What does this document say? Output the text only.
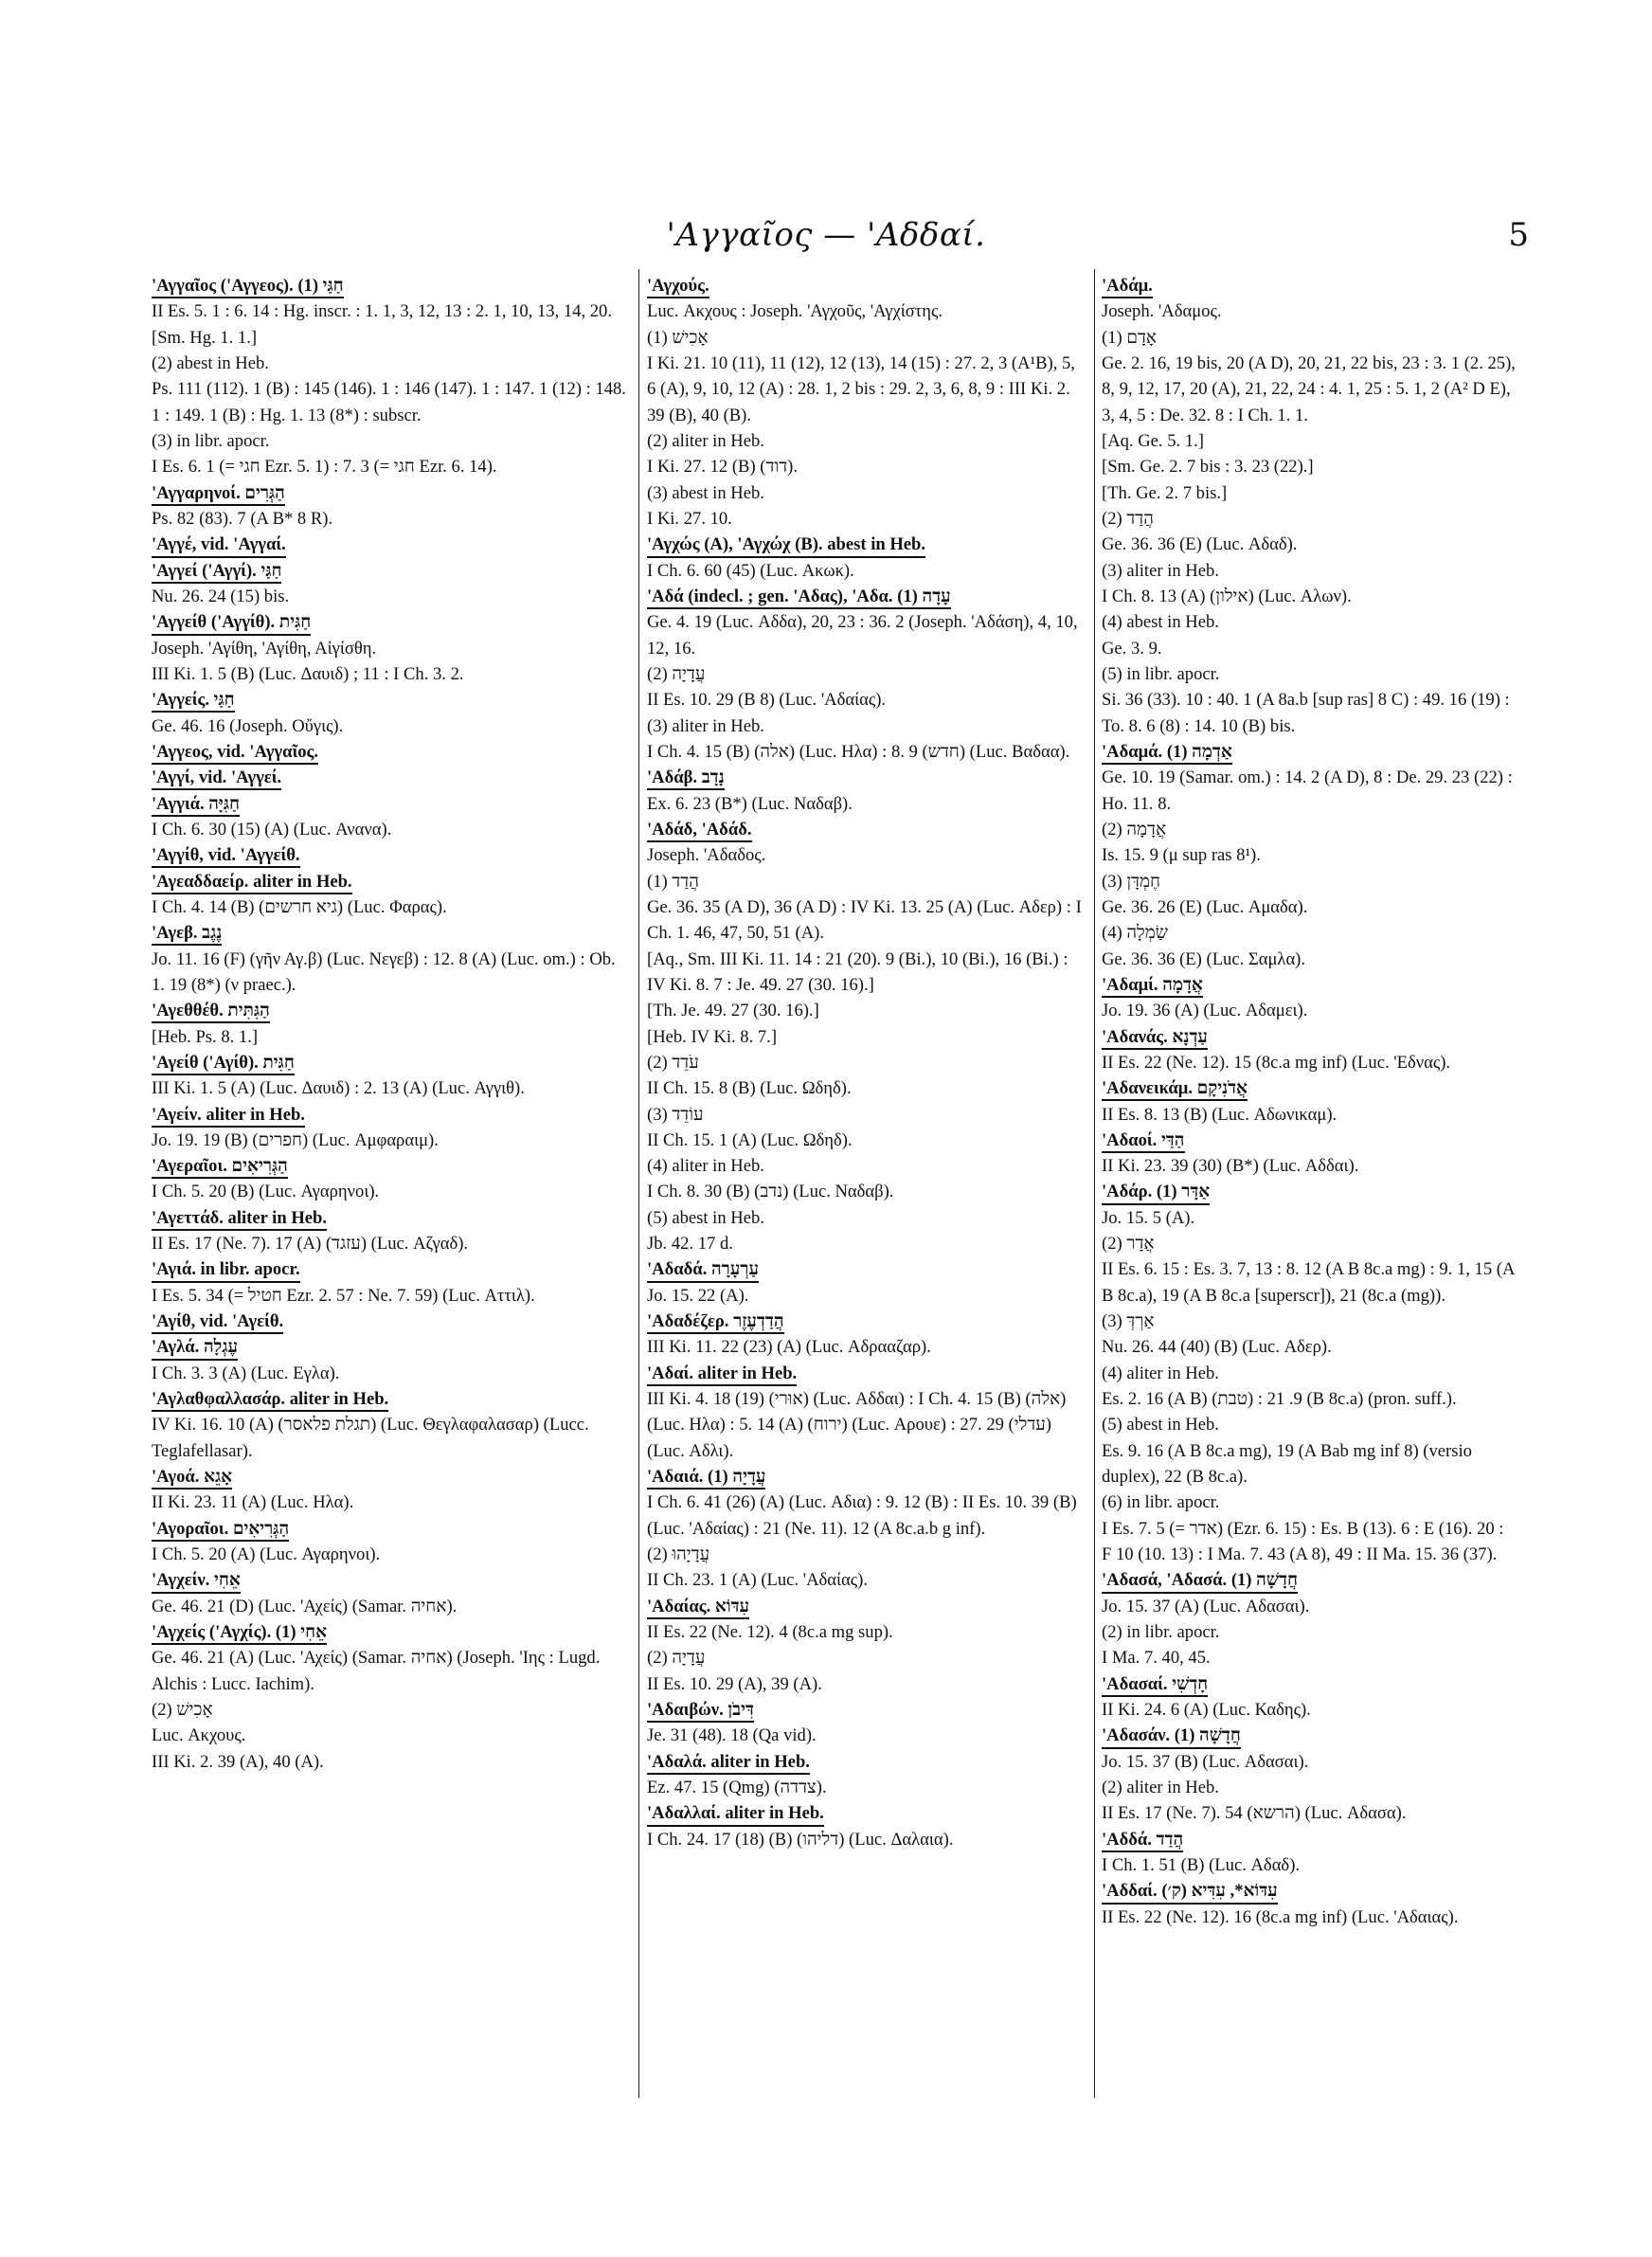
'Αγγαῖος — 'Αδδαί.	5

'Αγγαῖος ('Αγγεος). (1) חַגַּי

II Es. 5. 1 : 6. 14 : Hg. inscr. : 1. 1, 3, 12, 13 : 2. 1, 10, 13, 14, 20.

[Sm. Hg. 1. 1.]

(2) abest in Heb.

Ps. 111 (112). 1 (B) : 145 (146). 1 : 146 (147). 1 : 147. 1 (12) : 148. 1 : 149. 1 (B) : Hg. 1. 13 (8*) : subscr.

(3) in libr. apocr.

I Es. 6. 1 (= חגי Ezr. 5. 1) : 7. 3 (= חגי Ezr. 6. 14).

'Αγγαρηνοί. הַגְּרִים

Ps. 82 (83). 7 (A B* 8 R).

'Αγγέ, vid. 'Αγγαί.

'Αγγεί ('Αγγί). חַגַּי

Nu. 26. 24 (15) bis.

'Αγγείθ ('Αγγίθ). חַגִּית

Joseph. 'Αγίθη, 'Αγίθη, Αἰγίσθη.

III Ki. 1. 5 (B) (Luc. Δαυιδ) ; 11 : I Ch. 3. 2.

'Αγγείς. חַגַּי

Ge. 46. 16 (Joseph. Οὔγις).

'Αγγεος, vid. 'Αγγαῖος.

'Αγγί, vid. 'Αγγεί.

'Αγγιά. חַגִּיָּה

I Ch. 6. 30 (15) (A) (Luc. Ανανα).

'Αγγίθ, vid. 'Αγγείθ.

'Αγεαδδαείρ. aliter in Heb.

I Ch. 4. 14 (B) (גיא חרשים) (Luc. Φαρας).

'Αγεβ. נֶגֶב

Jo. 11. 16 (F) (γῆν Αγ.β) (Luc. Νεγεβ) : 12. 8 (A) (Luc. om.) : Ob. 1. 19 (8*) (ν praec.).

'Αγεθθέθ. הַגִּתִּית

[Heb. Ps. 8. 1.]

'Αγείθ ('Αγίθ). חַגִּית

III Ki. 1. 5 (A) (Luc. Δαυιδ) : 2. 13 (A) (Luc. Αγγιθ).

'Αγείν. aliter in Heb.

Jo. 19. 19 (B) (חפרים) (Luc. Αμφαραιμ).

'Αγεραῖοι. הַגְּרִיאִים

I Ch. 5. 20 (B) (Luc. Αγαρηνοι).

'Αγεττάδ. aliter in Heb.

II Es. 17 (Ne. 7). 17 (A) (עזגד) (Luc. Αζγαδ).

'Αγιά. in libr. apocr.

I Es. 5. 34 (= חטיל Ezr. 2. 57 : Ne. 7. 59) (Luc. Αττιλ).

'Αγίθ, vid. 'Αγείθ.

'Αγλά. עֶגְלָה

I Ch. 3. 3 (A) (Luc. Εγλα).

'Αγλαθφαλλασάρ. aliter in Heb.

IV Ki. 16. 10 (A) (תגלת פלאסר) (Luc. Θεγλαφαλασαρ) (Lucc. Teglafellasar).

'Αγοά. אָגֵא

II Ki. 23. 11 (A) (Luc. Ηλα).

'Αγοραῖοι. הַגְּרִיאִים

I Ch. 5. 20 (A) (Luc. Αγαρηνοι).

'Αγχείν. אֵחִי

Ge. 46. 21 (D) (Luc. 'Αχείς) (Samar. אחיה).

'Αγχείς ('Αγχίς). (1) אֵחִי

Ge. 46. 21 (A) (Luc. 'Αχείς) (Samar. אחיה) (Joseph. 'Ιης : Lugd. Alchis : Lucc. Iachim).

(2) אָכִישׁ

Luc. Ακχους.

III Ki. 2. 39 (A), 40 (A).

'Αγχούς.

Luc. Ακχους : Joseph. 'Αγχοῦς, 'Αγχίστης.

(1) אָכִישׁ

I Ki. 21. 10 (11), 11 (12), 12 (13), 14 (15) : 27. 2, 3 (A¹B), 5, 6 (A), 9, 10, 12 (A) : 28. 1, 2 bis : 29. 2, 3, 6, 8, 9 : III Ki. 2. 39 (B), 40 (B).

(2) aliter in Heb.

I Ki. 27. 12 (B) (דוד).

(3) abest in Heb.

I Ki. 27. 10.

'Αγχώς (A), 'Αγχώχ (B). abest in Heb.

I Ch. 6. 60 (45) (Luc. Ακωκ).

'Αδά (indecl. ; gen. 'Αδας), 'Αδα. (1) עָדָה

Ge. 4. 19 (Luc. Αδδα), 20, 23 : 36. 2 (Joseph. 'Αδάση), 4, 10, 12, 16.

(2) עֲדָיָה

II Es. 10. 29 (B 8) (Luc. 'Αδαίας).

(3) aliter in Heb.

I Ch. 4. 15 (B) (אלה) (Luc. Ηλα) : 8. 9 (חדש) (Luc. Βαδαα).

'Αδάβ. נָדָב

Ex. 6. 23 (B*) (Luc. Ναδαβ).

'Αδάδ, 'Αδάδ.

Joseph. 'Αδαδος.

(1) הֲדַד

Ge. 36. 35 (A D), 36 (A D) : IV Ki. 13. 25 (A) (Luc. Αδερ) : I Ch. 1. 46, 47, 50, 51 (A).

[Aq., Sm. III Ki. 11. 14 : 21 (20). 9 (Bi.), 10 (Bi.), 16 (Bi.) : IV Ki. 8. 7 : Je. 49. 27 (30. 16).]

[Th. Je. 49. 27 (30. 16).]

[Heb. IV Ki. 8. 7.]

(2) עֹדֵד

II Ch. 15. 8 (B) (Luc. Ωδηδ).

(3) עוֹדֵד

II Ch. 15. 1 (A) (Luc. Ωδηδ).

(4) aliter in Heb.

I Ch. 8. 30 (B) (נדב) (Luc. Ναδαβ).

(5) abest in Heb.

Jb. 42. 17 d.

'Αδαδά. עַרְעָרָה

Jo. 15. 22 (A).

'Αδαδέζερ. הֲדַדְעֶזֶר

III Ki. 11. 22 (23) (A) (Luc. Αδρααζαρ).

'Αδαί. aliter in Heb.

III Ki. 4. 18 (19) (אוּרי) (Luc. Αδδαι) : I Ch. 4. 15 (B) (אלה) (Luc. Ηλα) : 5. 14 (A) (ירוח) (Luc. Αρουε) : 27. 29 (עדלי) (Luc. Αδλι).

'Αδαιά. (1) עֲדָיָה

I Ch. 6. 41 (26) (A) (Luc. Αδια) : 9. 12 (B) : II Es. 10. 39 (B) (Luc. 'Αδαίας) : 21 (Ne. 11). 12 (A 8c.a.b g inf).

(2) עֲדָיָהוּ

II Ch. 23. 1 (A) (Luc. 'Αδαίας).

'Αδαίας. עִדּוֹא

II Es. 22 (Ne. 12). 4 (8c.a mg sup).

(2) עֲדָיָה

II Es. 10. 29 (A), 39 (A).

'Αδαιβών. דִּיבֹן

Je. 31 (48). 18 (Qa vid).

'Αδαλά. aliter in Heb.

Ez. 47. 15 (Qmg) (צדדה).

'Αδαλλαί. aliter in Heb.

I Ch. 24. 17 (18) (B) (דליהו) (Luc. Δαλαια).

'Αδάμ.

Joseph. 'Αδαμος.

(1) אָדָם

Ge. 2. 16, 19 bis, 20 (A D), 20, 21, 22 bis, 23 : 3. 1 (2. 25), 8, 9, 12, 17, 20 (A), 21, 22, 24 : 4. 1, 25 : 5. 1, 2 (A² D E), 3, 4, 5 : De. 32. 8 : I Ch. 1. 1.

[Aq. Ge. 5. 1.]

[Sm. Ge. 2. 7 bis : 3. 23 (22).]

[Th. Ge. 2. 7 bis.]

(2) הֲדַד

Ge. 36. 36 (E) (Luc. Αδαδ).

(3) aliter in Heb.

I Ch. 8. 13 (A) (אילון) (Luc. Αλων).

(4) abest in Heb.

Ge. 3. 9.

(5) in libr. apocr.

Si. 36 (33). 10 : 40. 1 (A 8a.b [sup ras] 8 C) : 49. 16 (19) : To. 8. 6 (8) : 14. 10 (B) bis.

'Αδαμά. (1) אַדְמָה

Ge. 10. 19 (Samar. om.) : 14. 2 (A D), 8 : De. 29. 23 (22) : Ho. 11. 8.

(2) אֲדָמָה

Is. 15. 9 (μ sup ras 8¹).

(3) חֶמְדָּן

Ge. 36. 26 (E) (Luc. Αμαδα).

(4) שַׂמְלָה

Ge. 36. 36 (E) (Luc. Σαμλα).

'Αδαμί. אֲדָמָה

Jo. 19. 36 (A) (Luc. Αδαμει).

'Αδανάς. עַדְנָא

II Es. 22 (Ne. 12). 15 (8c.a mg inf) (Luc. 'Εδνας).

'Αδανεικάμ. אֲדֹנִיקָם

II Es. 8. 13 (B) (Luc. Αδωνικαμ).

'Αδαοί. הַדַּי

II Ki. 23. 39 (30) (B*) (Luc. Αδδαι).

'Αδάρ. (1) אַדָּר

Jo. 15. 5 (A).

(2) אֲדָר

II Es. 6. 15 : Es. 3. 7, 13 : 8. 12 (A B 8c.a mg) : 9. 1, 15 (A B 8c.a), 19 (A B 8c.a [superscr]), 21 (8c.a (mg)).

(3) אַרְדְּ

Nu. 26. 44 (40) (B) (Luc. Αδερ).

(4) aliter in Heb.

Es. 2. 16 (A B) (טבת) : 9. 21 (B 8c.a) (pron. suff.).

(5) abest in Heb.

Es. 9. 16 (A B 8c.a mg), 19 (A Bab mg inf 8) (versio duplex), 22 (B 8c.a).

(6) in libr. apocr.

I Es. 7. 5 (= אדר) (Ezr. 6. 15) : Es. B (13). 6 : E (16). 20 : F 10 (10. 13) : I Ma. 7. 43 (A 8), 49 : II Ma. 15. 36 (37).

'Αδασά, 'Αδασά. (1) חֲדָשָׁה

Jo. 15. 37 (A) (Luc. Αδασαι).

(2) in libr. apocr.

I Ma. 7. 40, 45.

'Αδασαί. חָדְשִׁי

II Ki. 24. 6 (A) (Luc. Καδης).

'Αδασάν. (1) חֲדָשָׁה

Jo. 15. 37 (B) (Luc. Αδασαι).

(2) aliter in Heb.

II Es. 17 (Ne. 7). 54 (הרשא) (Luc. Αδασα).

'Αδδά. הֲדַד

I Ch. 1. 51 (B) (Luc. Αδαδ).

'Αδδαί. עִדּוֹא*, עִדִּיא (ק׳)

II Es. 22 (Ne. 12). 16 (8c.a mg inf) (Luc. 'Αδαιας).
